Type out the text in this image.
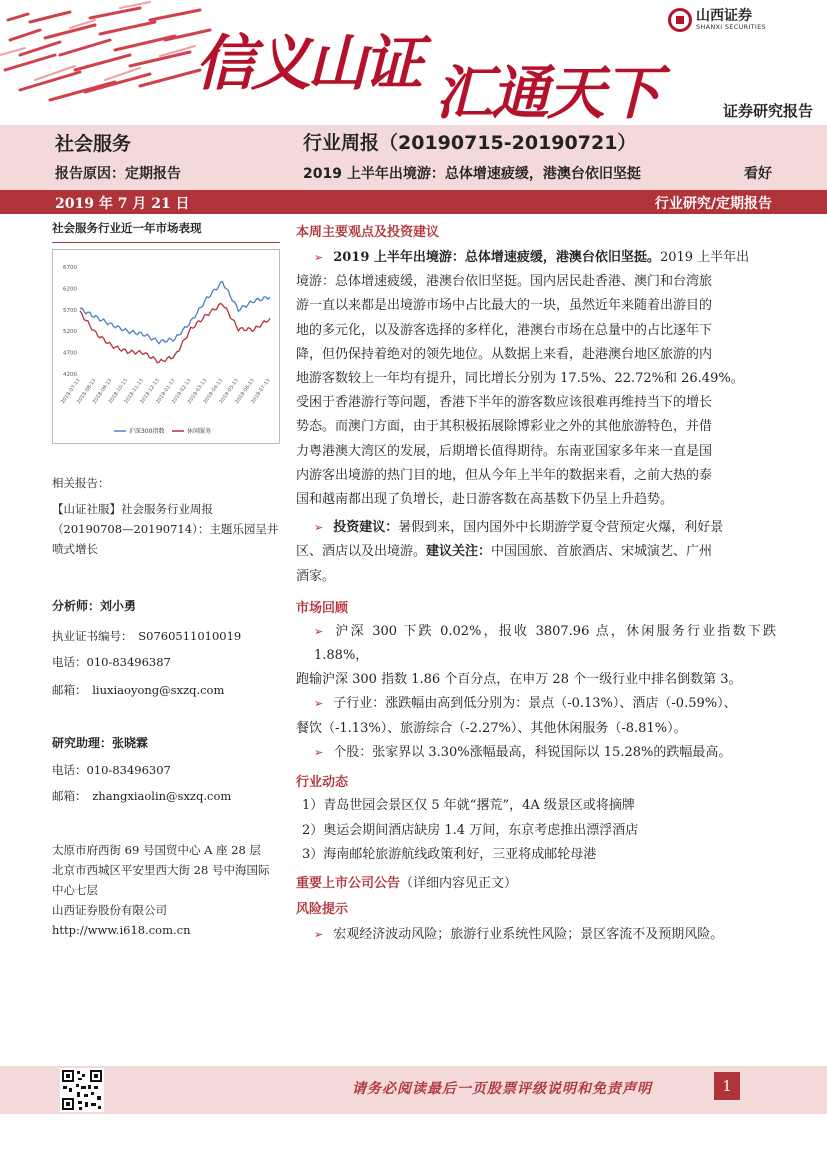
信义山证 汇通天下
山西证券
SHANXI SECURITIES
证券研究报告
社会服务
报告原因：定期报告
行业周报（20190715-20190721）
2019 上半年出境游：总体增速疲缓，港澳台依旧坚挺	看好
2019 年 7 月 21 日	行业研究/定期报告
社会服务行业近一年市场表现
6700
6200
5700
5200
4700
4200
2018-07-13
2018-08-13
2018-09-13
2018-10-13
2018-11-13
2018-12-13
2019-01-13
2019-02-13
2019-03-13
2019-04-13
2019-05-13
2019-06-13
2019-07-13
沪深300指数	休闲服务
相关报告：
【山证社服】社会服务行业周报（20190708—20190714）：主题乐园呈井喷式增长
分析师：刘小勇
执业证书编号：　S0760511010019
电话：010-83496387
邮箱：　liuxiaoyong@sxzq.com
研究助理：张晓霖
电话：010-83496307
邮箱：　zhangxiaolin@sxzq.com
太原市府西街 69 号国贸中心 A 座 28 层
北京市西城区平安里西大街 28 号中海国际中心七层
山西证券股份有限公司
http://www.i618.com.cn
本周主要观点及投资建议
➢ 2019 上半年出境游：总体增速疲缓，港澳台依旧坚挺。2019 上半年出
境游：总体增速疲缓，港澳台依旧坚挺。国内居民赴香港、澳门和台湾旅
游一直以来都是出境游市场中占比最大的一块，虽然近年来随着出游目的
地的多元化，以及游客选择的多样化，港澳台市场在总量中的占比逐年下
降，但仍保持着绝对的领先地位。从数据上来看，赴港澳台地区旅游的内
地游客数较上一年均有提升，同比增长分别为 17.5%、22.72%和 26.49%。
受困于香港游行等问题，香港下半年的游客数应该很难再维持当下的增长
势态。而澳门方面，由于其积极拓展除博彩业之外的其他旅游特色，并借
力粤港澳大湾区的发展，后期增长值得期待。东南亚国家多年来一直是国
内游客出境游的热门目的地，但从今年上半年的数据来看，之前大热的泰
国和越南都出现了负增长，赴日游客数在高基数下仍呈上升趋势。
➢ 投资建议：暑假到来，国内国外中长期游学夏令营预定火爆，利好景
区、酒店以及出境游。建议关注：中国国旅、首旅酒店、宋城演艺、广州
酒家。
市场回顾
➢ 沪深 300 下跌 0.02%，报收 3807.96 点，休闲服务行业指数下跌 1.88%，
跑输沪深 300 指数 1.86 个百分点，在申万 28 个一级行业中排名倒数第 3。
➢ 子行业：涨跌幅由高到低分别为：景点（-0.13%）、酒店（-0.59%）、
餐饮（-1.13%）、旅游综合（-2.27%）、其他休闲服务（-8.81%）。
➢ 个股：张家界以 3.30%涨幅最高，科锐国际以 15.28%的跌幅最高。
行业动态
1）青岛世园会景区仅 5 年就“撂荒”，4A 级景区或将摘牌
2）奥运会期间酒店缺房 1.4 万间，东京考虑推出漂浮酒店
3）海南邮轮旅游航线政策利好，三亚将成邮轮母港
重要上市公司公告（详细内容见正文）
风险提示
➢ 宏观经济波动风险；旅游行业系统性风险；景区客流不及预期风险。
请务必阅读最后一页股票评级说明和免责声明	1
